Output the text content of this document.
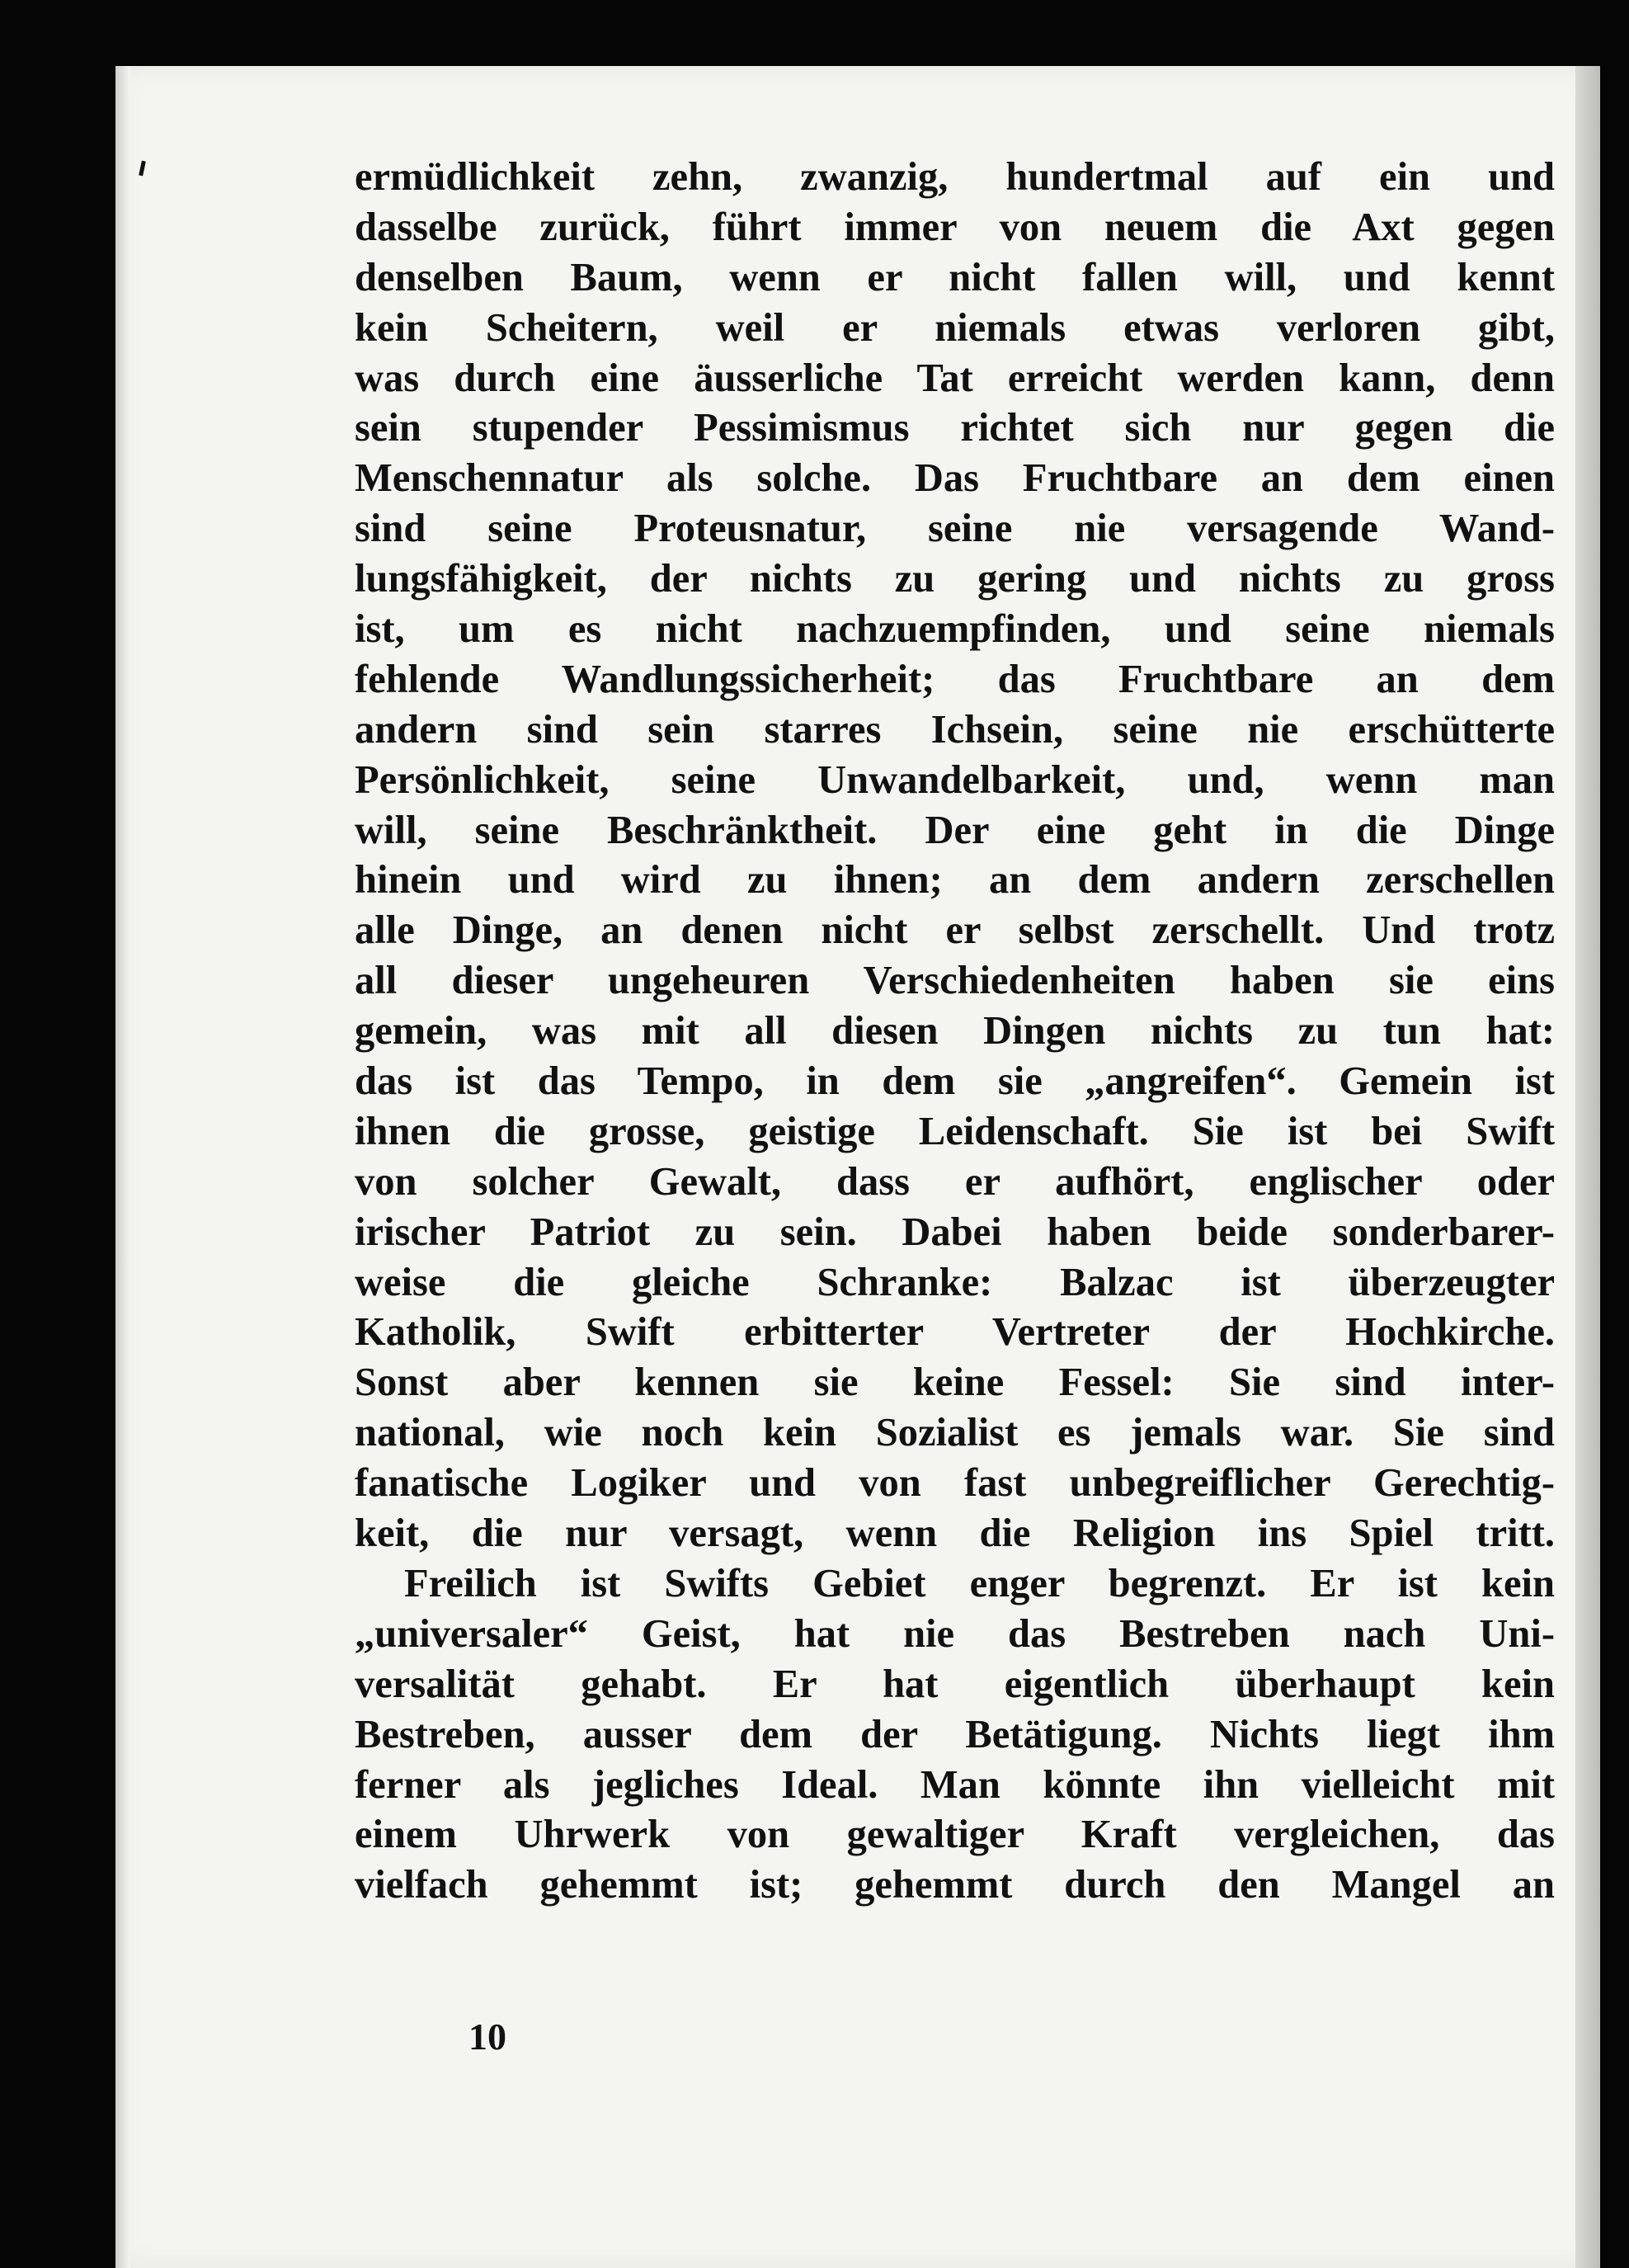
ermüdlichkeit zehn, zwanzig, hundertmal auf ein und
dasselbe zurück, führt immer von neuem die Axt gegen
denselben Baum, wenn er nicht fallen will, und kennt
kein Scheitern, weil er niemals etwas verloren gibt,
was durch eine äusserliche Tat erreicht werden kann, denn
sein stupender Pessimismus richtet sich nur gegen die
Menschennatur als solche. Das Fruchtbare an dem einen
sind seine Proteusnatur, seine nie versagende Wand-
lungsfähigkeit, der nichts zu gering und nichts zu gross
ist, um es nicht nachzuempfinden, und seine niemals
fehlende Wandlungssicherheit; das Fruchtbare an dem
andern sind sein starres Ichsein, seine nie erschütterte
Persönlichkeit, seine Unwandelbarkeit, und, wenn man
will, seine Beschränktheit. Der eine geht in die Dinge
hinein und wird zu ihnen; an dem andern zerschellen
alle Dinge, an denen nicht er selbst zerschellt. Und trotz
all dieser ungeheuren Verschiedenheiten haben sie eins
gemein, was mit all diesen Dingen nichts zu tun hat:
das ist das Tempo, in dem sie „angreifen“. Gemein ist
ihnen die grosse, geistige Leidenschaft. Sie ist bei Swift
von solcher Gewalt, dass er aufhört, englischer oder
irischer Patriot zu sein. Dabei haben beide sonderbarer-
weise die gleiche Schranke: Balzac ist überzeugter
Katholik, Swift erbitterter Vertreter der Hochkirche.
Sonst aber kennen sie keine Fessel: Sie sind inter-
national, wie noch kein Sozialist es jemals war. Sie sind
fanatische Logiker und von fast unbegreiflicher Gerechtig-
keit, die nur versagt, wenn die Religion ins Spiel tritt.
Freilich ist Swifts Gebiet enger begrenzt. Er ist kein
„universaler“ Geist, hat nie das Bestreben nach Uni-
versalität gehabt. Er hat eigentlich überhaupt kein
Bestreben, ausser dem der Betätigung. Nichts liegt ihm
ferner als jegliches Ideal. Man könnte ihn vielleicht mit
einem Uhrwerk von gewaltiger Kraft vergleichen, das
vielfach gehemmt ist; gehemmt durch den Mangel an
10
